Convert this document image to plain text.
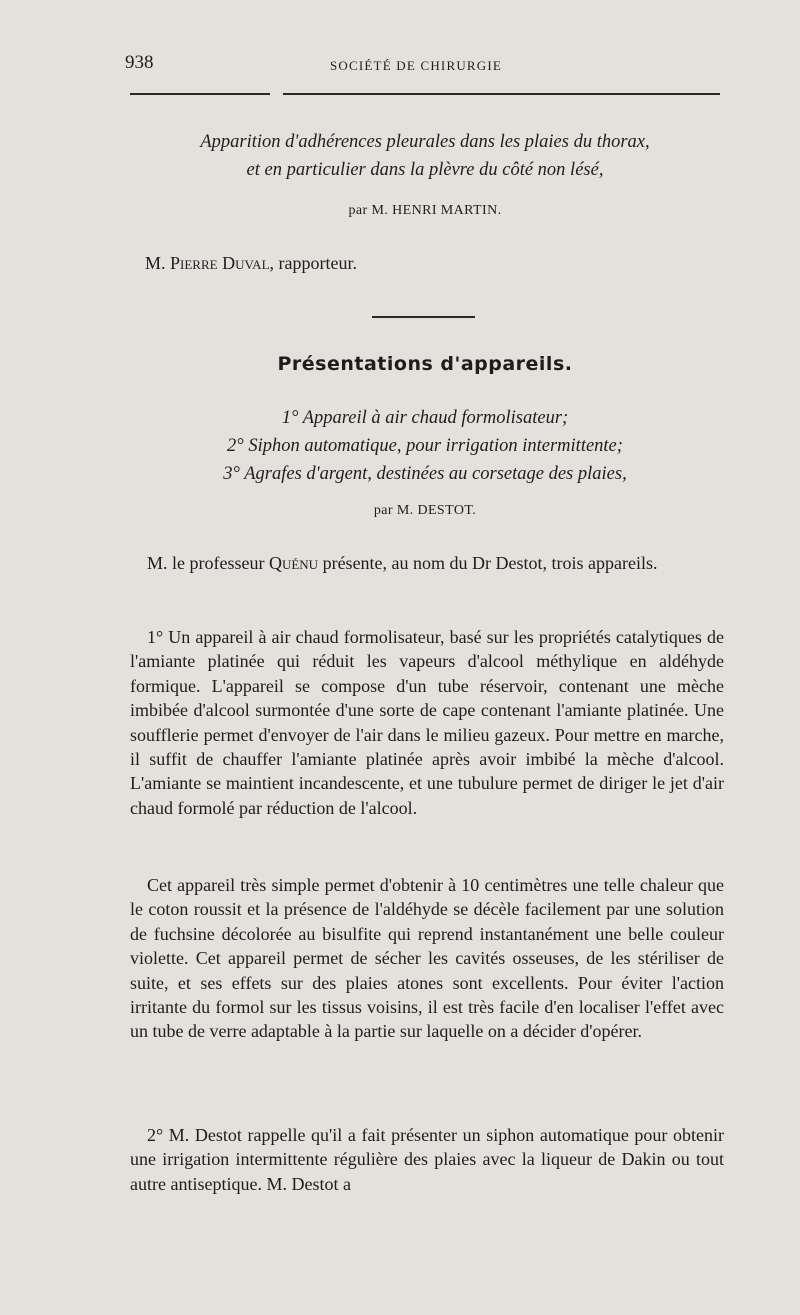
938	SOCIÉTÉ DE CHIRURGIE
Apparition d'adhérences pleurales dans les plaies du thorax,
et en particulier dans la plèvre du côté non lésé,
par M. HENRI MARTIN.
M. Pierre Duval, rapporteur.
Présentations d'appareils.
1° Appareil à air chaud formolisateur;
2° Siphon automatique, pour irrigation intermittente;
3° Agrafes d'argent, destinées au corsetage des plaies,
par M. DESTOT.
M. le professeur Quénu présente, au nom du Dr Destot, trois appareils.
1° Un appareil à air chaud formolisateur, basé sur les propriétés catalytiques de l'amiante platinée qui réduit les vapeurs d'alcool méthylique en aldéhyde formique. L'appareil se compose d'un tube réservoir, contenant une mèche imbibée d'alcool surmontée d'une sorte de cape contenant l'amiante platinée. Une soufflerie permet d'envoyer de l'air dans le milieu gazeux. Pour mettre en marche, il suffit de chauffer l'amiante platinée après avoir imbibé la mèche d'alcool. L'amiante se maintient incandescente, et une tubulure permet de diriger le jet d'air chaud formolé par réduction de l'alcool.
Cet appareil très simple permet d'obtenir à 10 centimètres une telle chaleur que le coton roussit et la présence de l'aldéhyde se décèle facilement par une solution de fuchsine décolorée au bisulfite qui reprend instantanément une belle couleur violette. Cet appareil permet de sécher les cavités osseuses, de les stériliser de suite, et ses effets sur des plaies atones sont excellents. Pour éviter l'action irritante du formol sur les tissus voisins, il est très facile d'en localiser l'effet avec un tube de verre adaptable à la partie sur laquelle on a décider d'opérer.
2° M. Destot rappelle qu'il a fait présenter un siphon automatique pour obtenir une irrigation intermittente régulière des plaies avec la liqueur de Dakin ou tout autre antiseptique. M. Destot a
